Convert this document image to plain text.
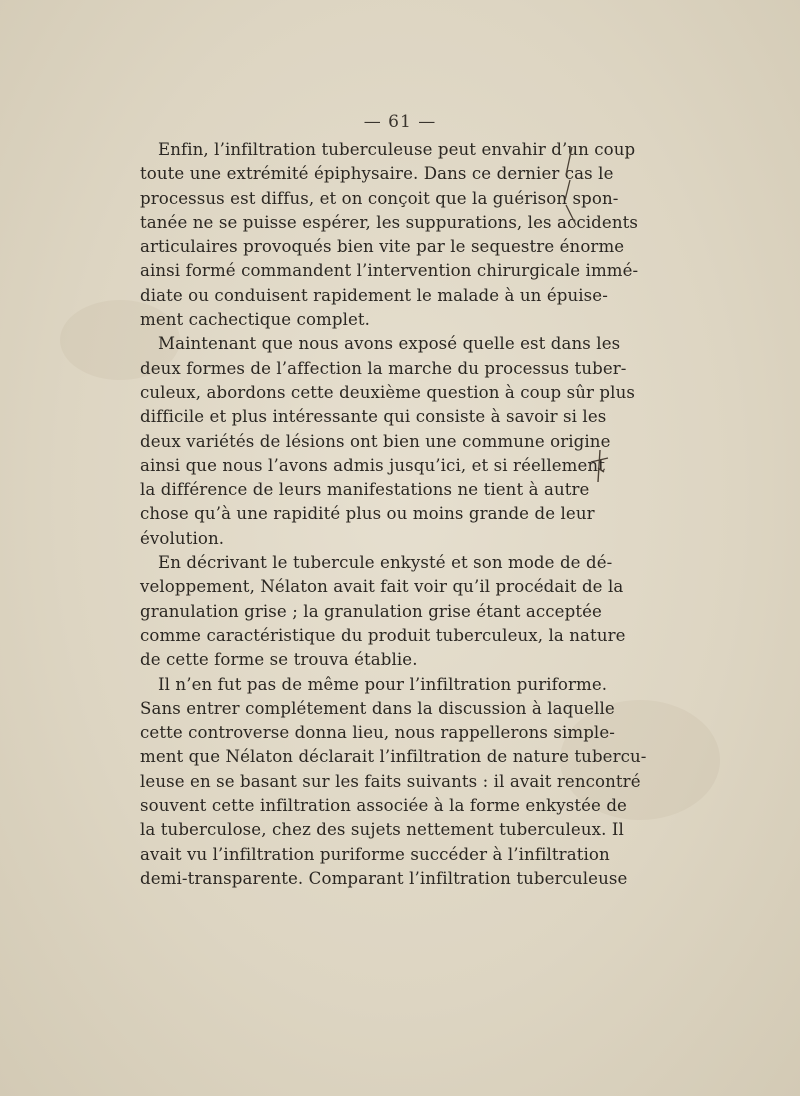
— 61 —
Enfin, l’infiltration tuberculeuse peut envahir d’un coup
toute une extrémité épiphysaire. Dans ce dernier cas le
processus est diffus, et on conçoit que la guérison spon-
tanée ne se puisse espérer, les suppurations, les accidents
articulaires provoqués bien vite par le sequestre énorme
ainsi formé commandent l’intervention chirurgicale immé-
diate ou conduisent rapidement le malade à un épuise-
ment cachectique complet.
Maintenant que nous avons exposé quelle est dans les
deux formes de l’affection la marche du processus tuber-
culeux, abordons cette deuxième question à coup sûr plus
difficile et plus intéressante qui consiste à savoir si les
deux variétés de lésions ont bien une commune origine
ainsi que nous l’avons admis jusqu’ici, et si réellement
la différence de leurs manifestations ne tient à autre
chose qu’à une rapidité plus ou moins grande de leur
évolution.
En décrivant le tubercule enkysté et son mode de dé-
veloppement, Nélaton avait fait voir qu’il procédait de la
granulation grise ; la granulation grise étant acceptée
comme caractéristique du produit tuberculeux, la nature
de cette forme se trouva établie.
Il n’en fut pas de même pour l’infiltration puriforme.
Sans entrer complétement dans la discussion à laquelle
cette controverse donna lieu, nous rappellerons simple-
ment que Nélaton déclarait l’infiltration de nature tubercu-
leuse en se basant sur les faits suivants : il avait rencontré
souvent cette infiltration associée à la forme enkystée de
la tuberculose, chez des sujets nettement tuberculeux. Il
avait vu l’infiltration puriforme succéder à l’infiltration
demi-transparente. Comparant l’infiltration tuberculeuse
